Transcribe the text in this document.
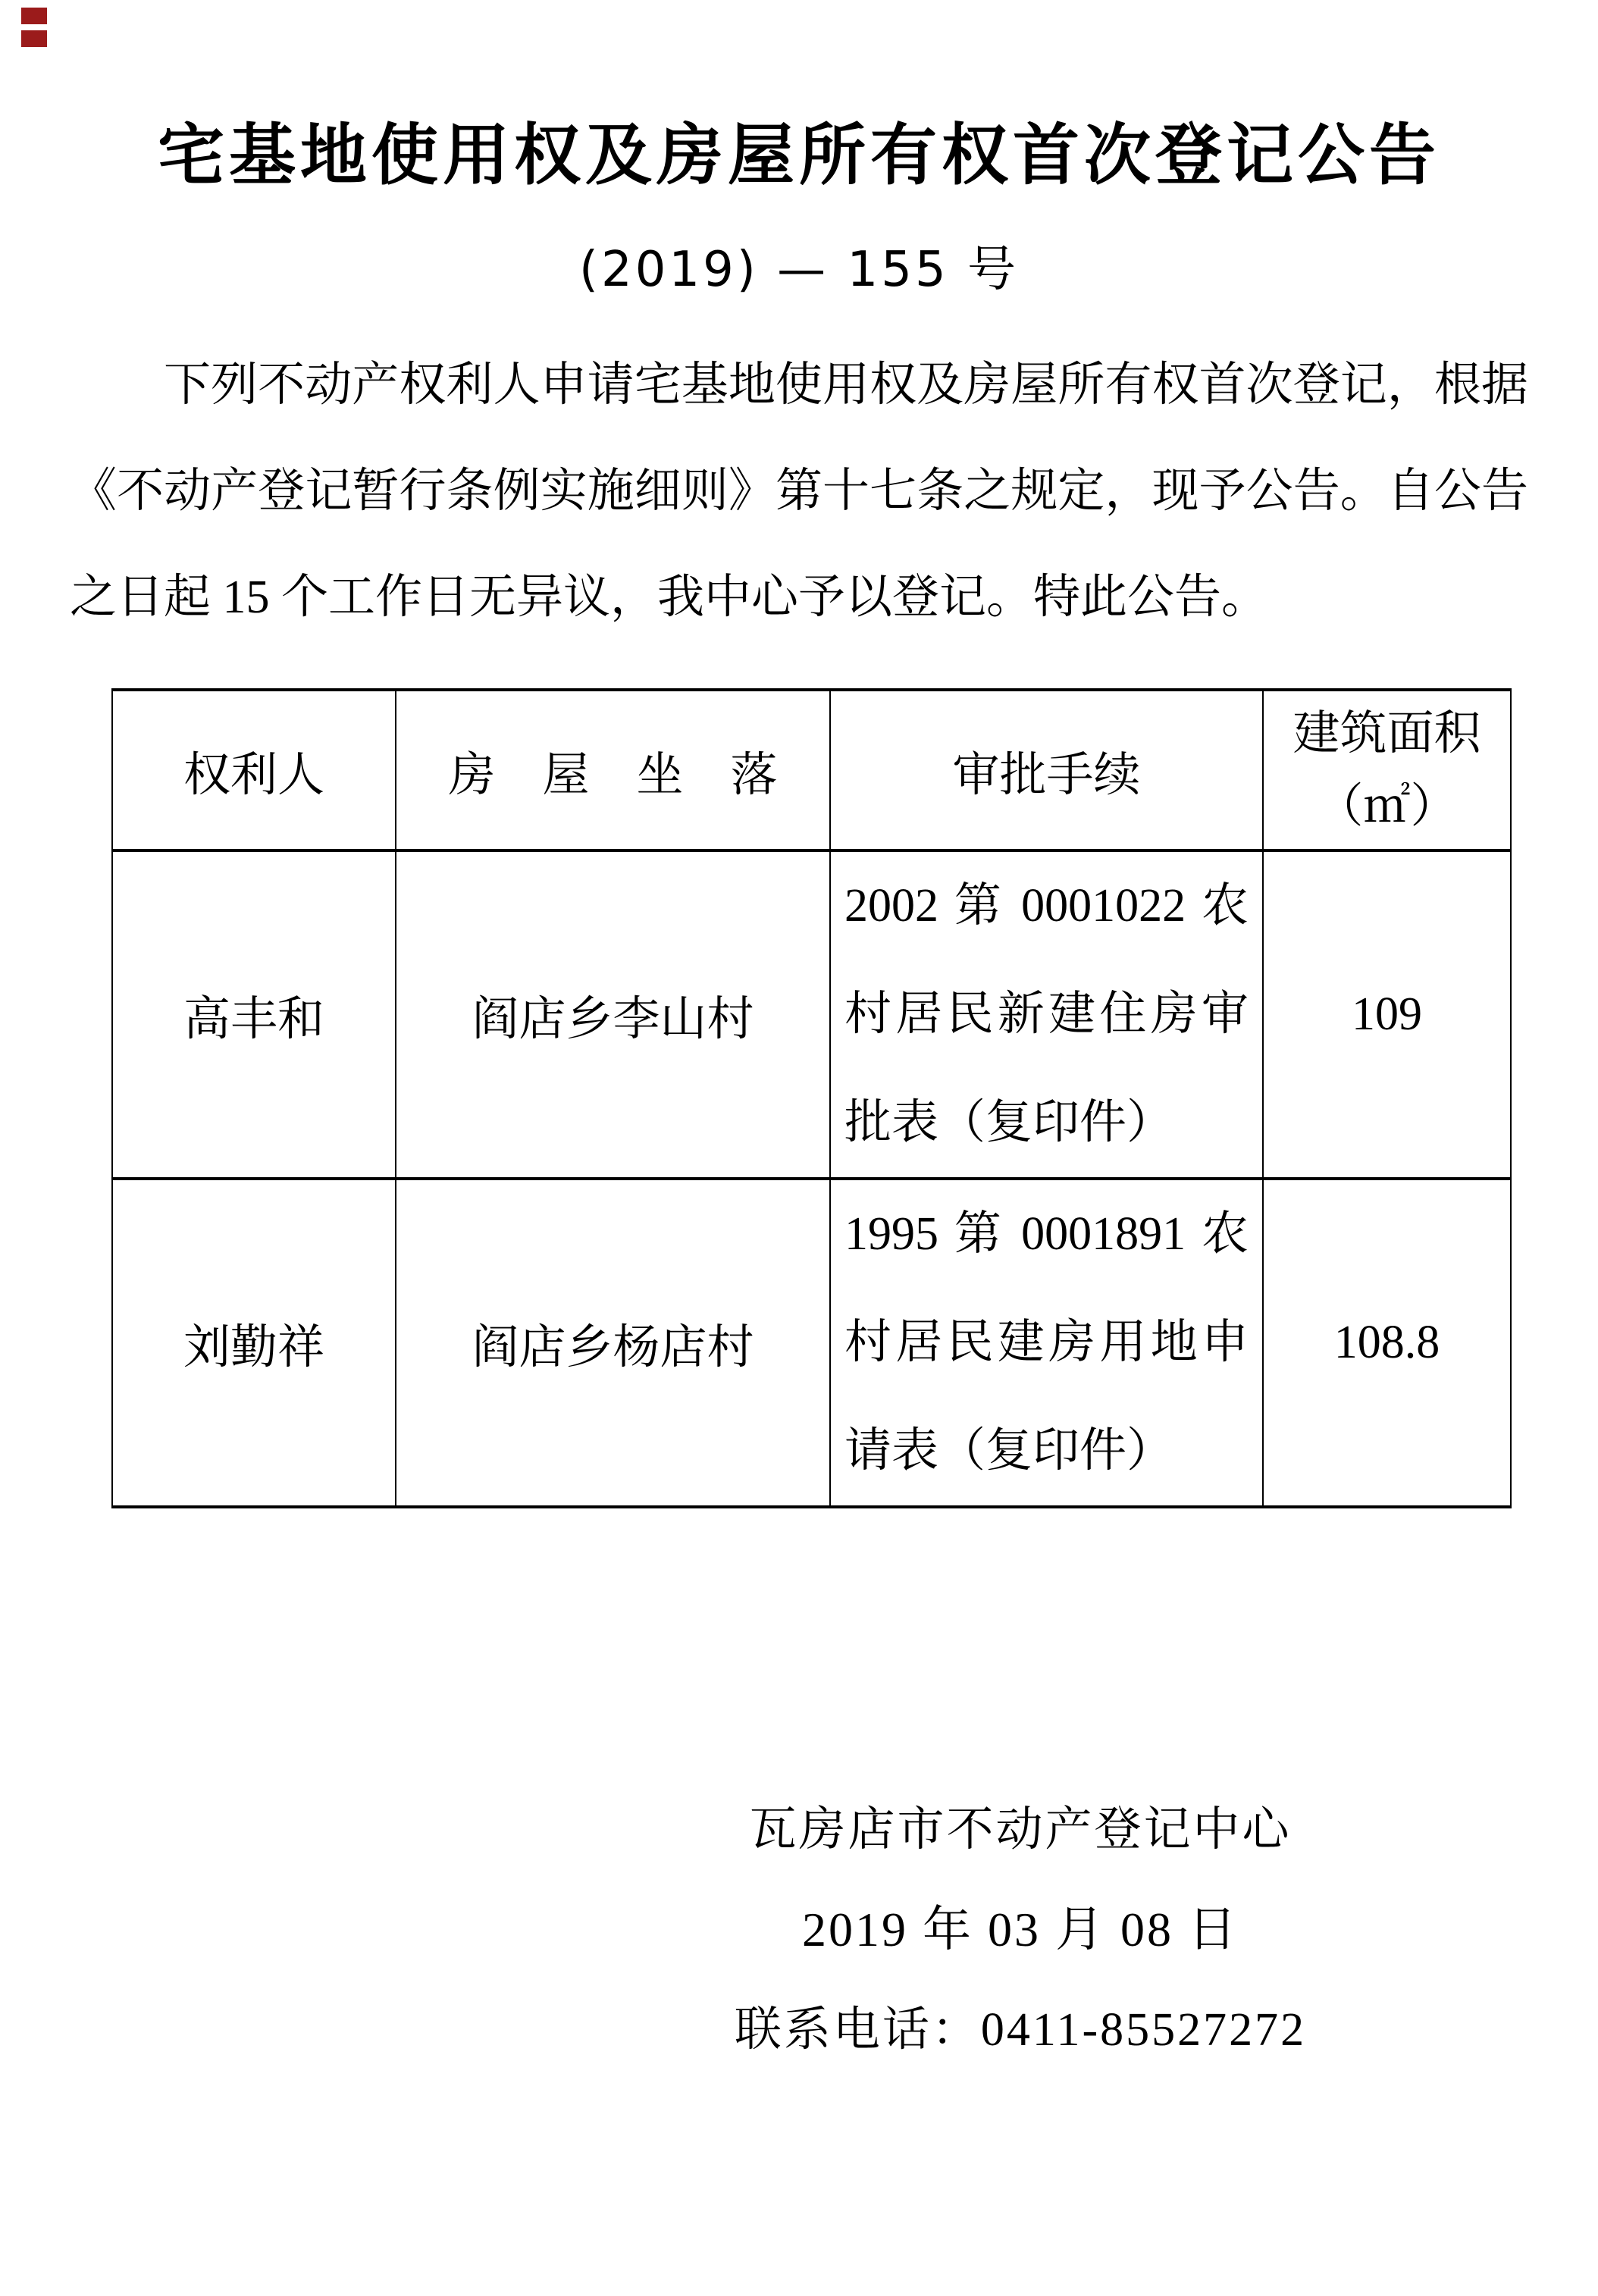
宅基地使用权及房屋所有权首次登记公告
(2019) — 155 号

下列不动产权利人申请宅基地使用权及房屋所有权首次登记，根据《不动产登记暂行条例实施细则》第十七条之规定，现予公告。自公告之日起 15 个工作日无异议，我中心予以登记。特此公告。

权利人	房　屋　坐　落	审批手续	建筑面积
（㎡）

高丰和	阎店乡李山村	2002 第 0001022 农村居民新建住房审批表（复印件）	109
刘勤祥	阎店乡杨店村	1995 第 0001891 农村居民建房用地申请表（复印件）	108.8
瓦房店市不动产登记中心
2019 年 03 月 08 日
联系电话：0411-85527272
